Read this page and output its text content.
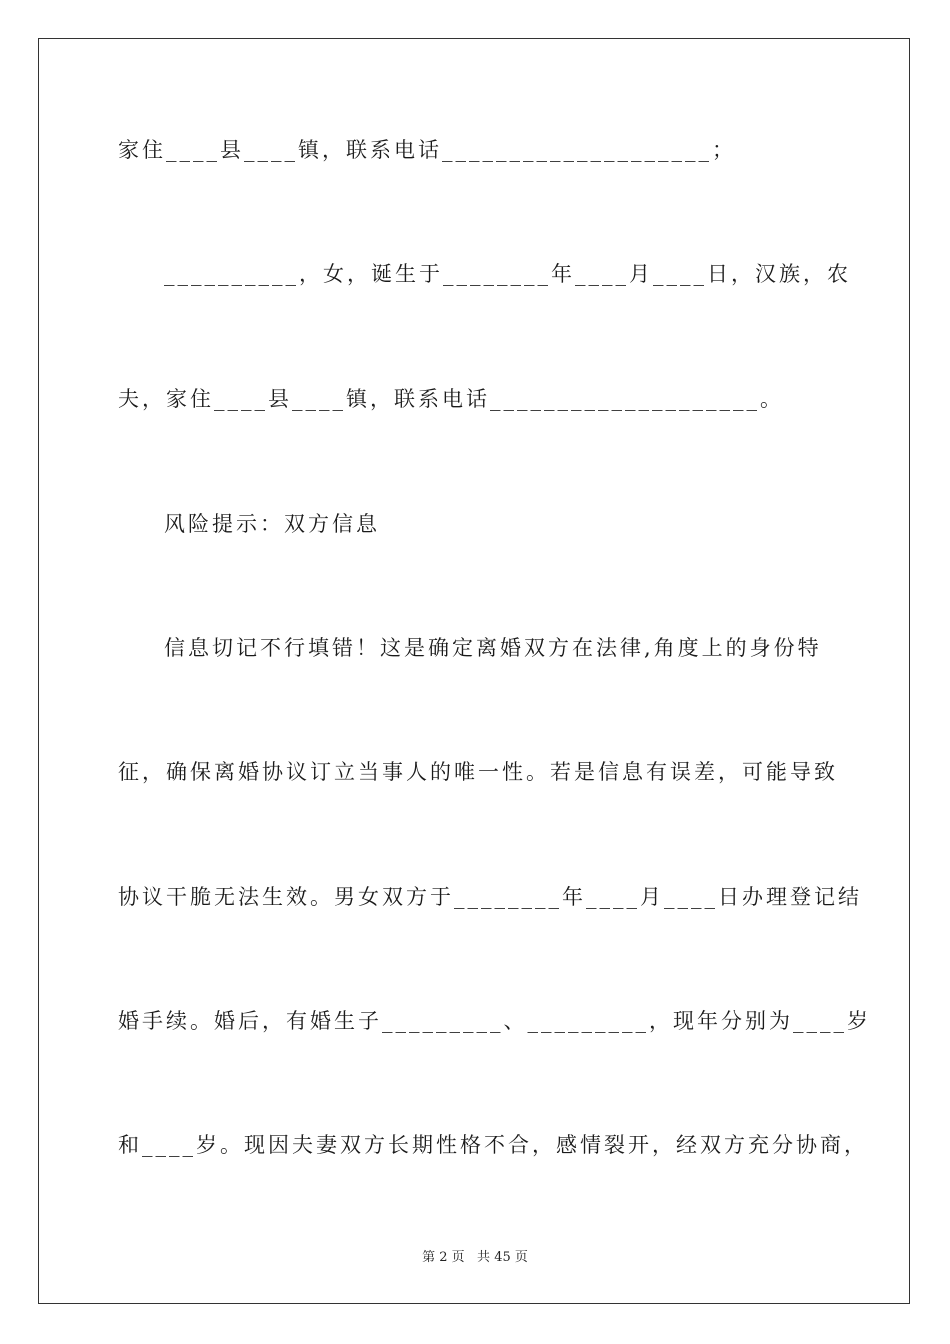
家住____县____镇，联系电话____________________；
__________，女，诞生于________年____月____日，汉族，农
夫，家住____县____镇，联系电话____________________。
风险提示：双方信息
信息切记不行填错！这是确定离婚双方在法律,角度上的身份特
征，确保离婚协议订立当事人的唯一性。若是信息有误差，可能导致
协议干脆无法生效。男女双方于________年____月____日办理登记结
婚手续。婚后，有婚生子_________、_________，现年分别为____岁
和____岁。现因夫妻双方长期性格不合，感情裂开，经双方充分协商，
第 2 页   共 45 页
